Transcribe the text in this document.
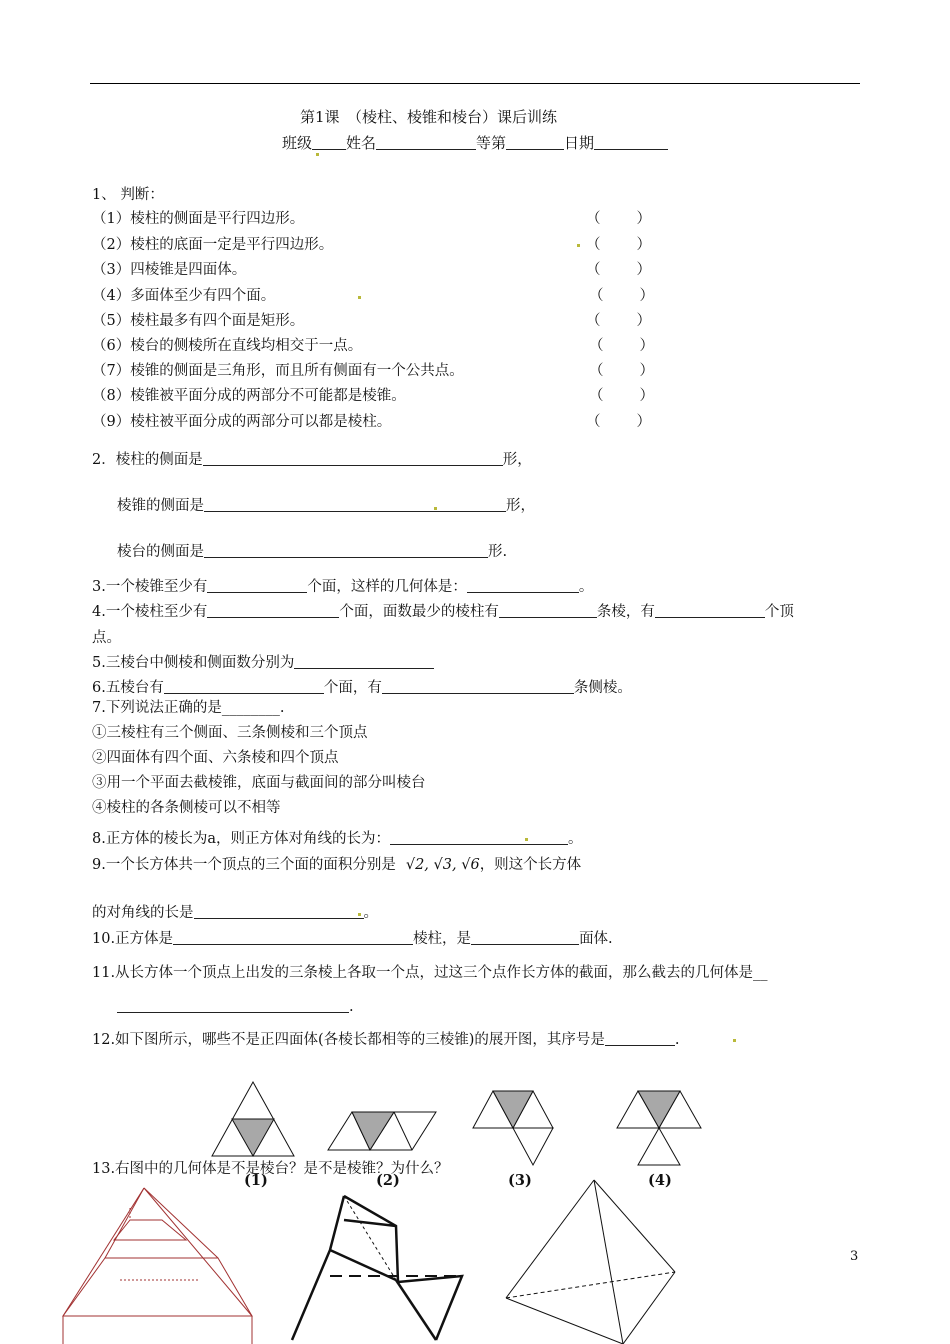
第1课　（棱柱、棱锥和棱台）课后训练
班级 姓名	等第	日期
1、 判断：
（1）棱柱的侧面是平行四边形。	（ ）
（2）棱柱的底面一定是平行四边形。	（ ）
（3）四棱锥是四面体。	（ ）
（4）多面体至少有四个面。	（ ）
（5）棱柱最多有四个面是矩形。	（ ）
（6）棱台的侧棱所在直线均相交于一点。	（ ）
（7）棱锥的侧面是三角形，而且所有侧面有一个公共点。	（ ）
（8）棱锥被平面分成的两部分不可能都是棱锥。	（ ）
（9）棱柱被平面分成的两部分可以都是棱柱。	（ ）
2．棱柱的侧面是	形，
棱锥的侧面是	形，
棱台的侧面是	形.
3.一个棱锥至少有	个面，这样的几何体是：	。
4.一个棱柱至少有	个面，面数最少的棱柱有	条棱，有	个顶
点。
5.三棱台中侧棱和侧面数分别为
6.五棱台有	个面，有	条侧棱。
7.下列说法正确的是________.
①三棱柱有三个侧面、三条侧棱和三个顶点
②四面体有四个面、六条棱和四个顶点
③用一个平面去截棱锥，底面与截面间的部分叫棱台
④棱柱的各条侧棱可以不相等
8.正方体的棱长为a，则正方体对角线的长为：	。
9.一个长方体共一个顶点的三个面的面积分别是 √2, √3, √6，则这个长方体
的对角线的长是	。
10.正方体是	棱柱，是	面体.
11.从长方体一个顶点上出发的三条棱上各取一个点，过这三个点作长方体的截面，那么截去的几何体是__
.
12.如下图所示，哪些不是正四面体(各棱长都相等的三棱锥)的展开图，其序号是	.
13.右图中的几何体是不是棱台？是不是棱锥？为什么？
(1)	(2)	(3)	(4)
3
